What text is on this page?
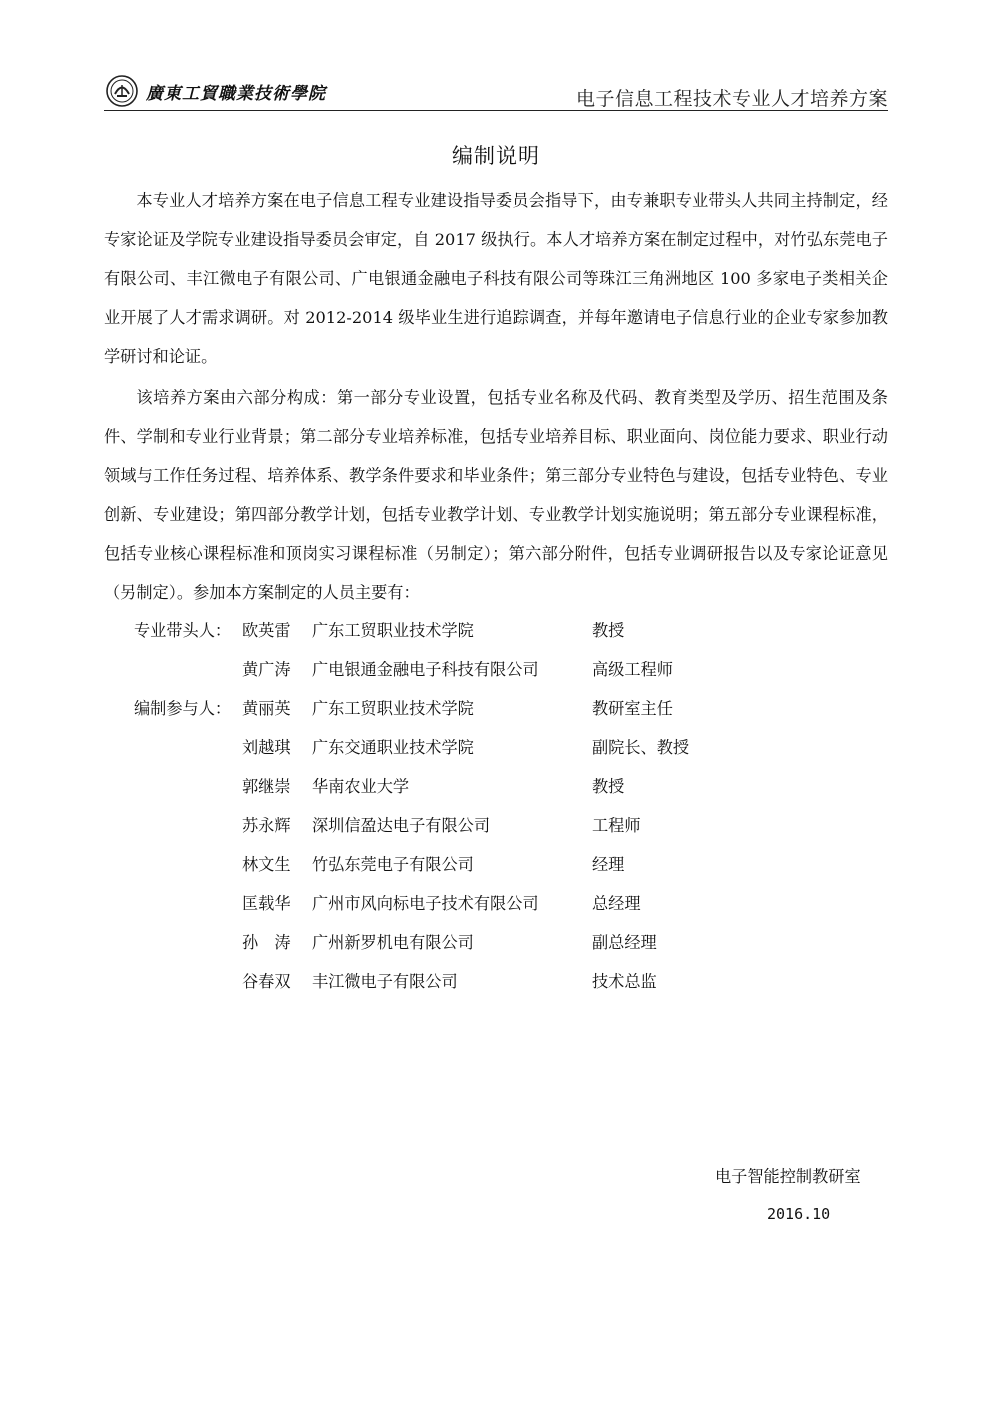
廣東工貿職業技術學院	电子信息工程技术专业人才培养方案
编制说明

本专业人才培养方案在电子信息工程专业建设指导委员会指导下，由专兼职专业带头人共同主持制定，经专家论证及学院专业建设指导委员会审定，自 2017 级执行。本人才培养方案在制定过程中，对竹弘东莞电子有限公司、丰江微电子有限公司、广电银通金融电子科技有限公司等珠江三角洲地区 100 多家电子类相关企业开展了人才需求调研。对 2012-2014 级毕业生进行追踪调查，并每年邀请电子信息行业的企业专家参加教学研讨和论证。

该培养方案由六部分构成：第一部分专业设置，包括专业名称及代码、教育类型及学历、招生范围及条件、学制和专业行业背景；第二部分专业培养标准，包括专业培养目标、职业面向、岗位能力要求、职业行动领域与工作任务过程、培养体系、教学条件要求和毕业条件；第三部分专业特色与建设，包括专业特色、专业创新、专业建设；第四部分教学计划，包括专业教学计划、专业教学计划实施说明；第五部分专业课程标准，包括专业核心课程标准和顶岗实习课程标准（另制定）；第六部分附件，包括专业调研报告以及专家论证意见（另制定）。参加本方案制定的人员主要有：

专业带头人： 欧英雷 广东工贸职业技术学院	教授
黄广涛 广电银通金融电子科技有限公司	高级工程师
编制参与人： 黄丽英 广东工贸职业技术学院	教研室主任
刘越琪 广东交通职业技术学院	副院长、教授
郭继崇 华南农业大学	教授
苏永辉 深圳信盈达电子有限公司	工程师
林文生 竹弘东莞电子有限公司	经理
匡载华 广州市风向标电子技术有限公司	总经理
孙　涛 广州新罗机电有限公司	副总经理
谷春双 丰江微电子有限公司	技术总监
电子智能控制教研室
2016.10
